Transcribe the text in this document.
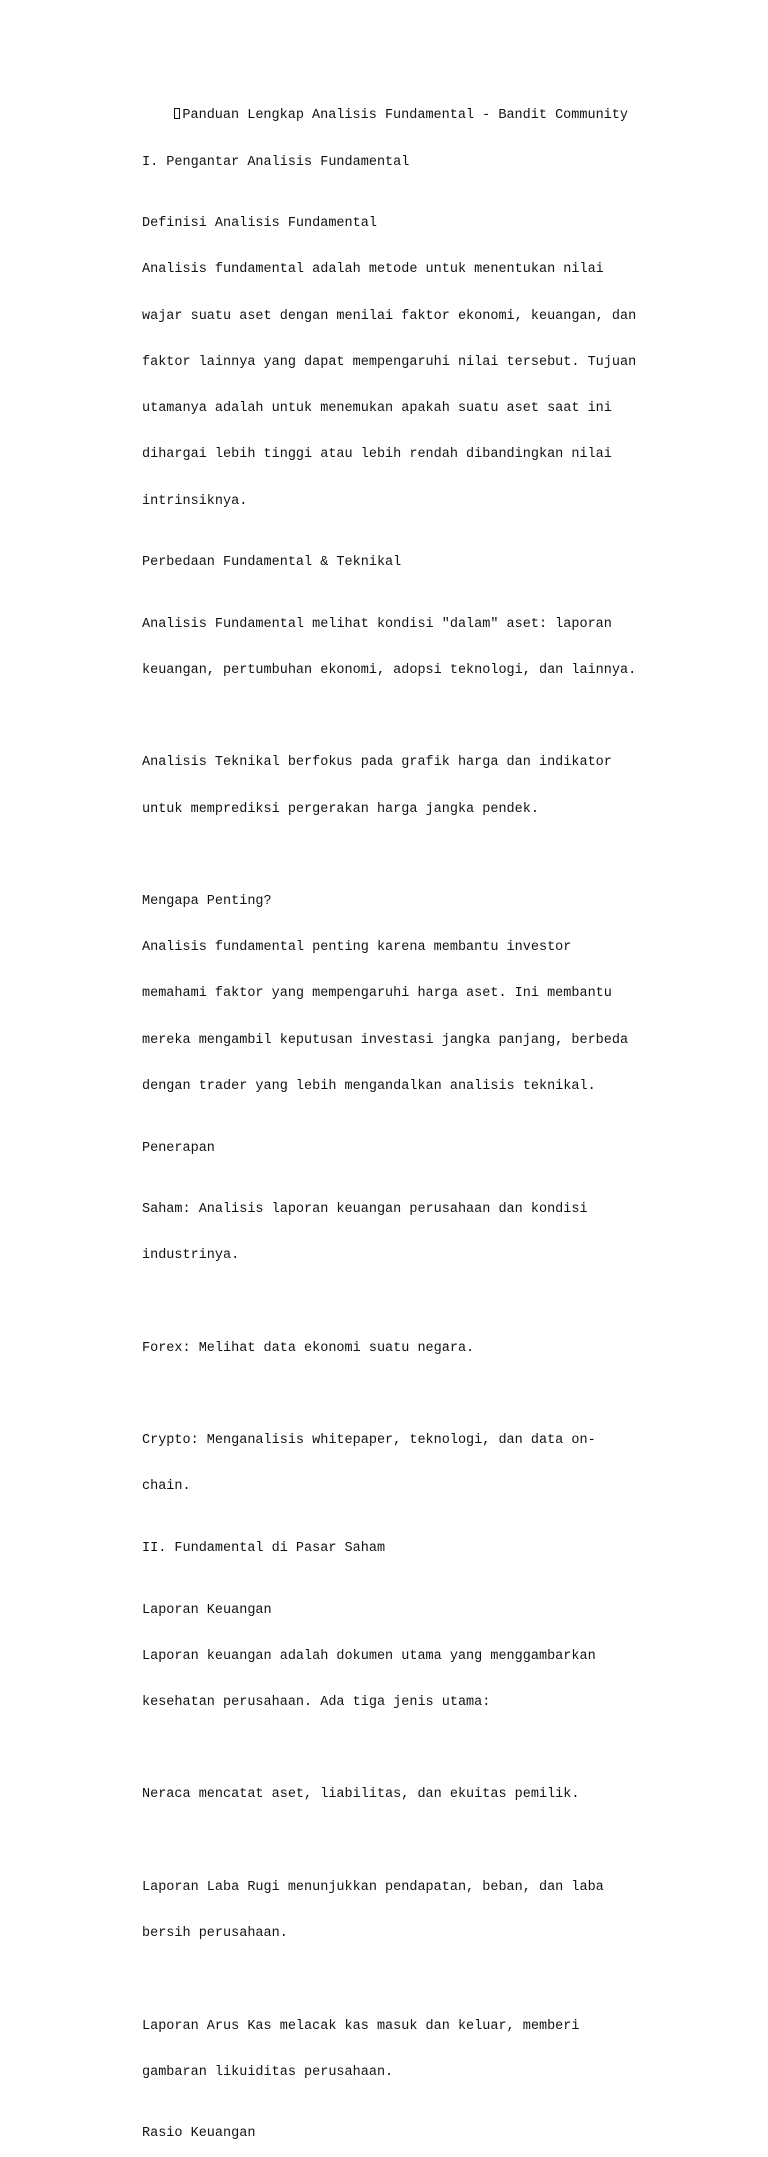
Panduan Lengkap Analisis Fundamental - Bandit Community

I. Pengantar Analisis Fundamental

Definisi Analisis Fundamental

Analisis fundamental adalah metode untuk menentukan nilai

wajar suatu aset dengan menilai faktor ekonomi, keuangan, dan

faktor lainnya yang dapat mempengaruhi nilai tersebut. Tujuan

utamanya adalah untuk menemukan apakah suatu aset saat ini

dihargai lebih tinggi atau lebih rendah dibandingkan nilai

intrinsiknya.

Perbedaan Fundamental & Teknikal

Analisis Fundamental melihat kondisi "dalam" aset: laporan

keuangan, pertumbuhan ekonomi, adopsi teknologi, dan lainnya.

Analisis Teknikal berfokus pada grafik harga dan indikator

untuk memprediksi pergerakan harga jangka pendek.

Mengapa Penting?

Analisis fundamental penting karena membantu investor

memahami faktor yang mempengaruhi harga aset. Ini membantu

mereka mengambil keputusan investasi jangka panjang, berbeda

dengan trader yang lebih mengandalkan analisis teknikal.

Penerapan

Saham: Analisis laporan keuangan perusahaan dan kondisi

industrinya.

Forex: Melihat data ekonomi suatu negara.

Crypto: Menganalisis whitepaper, teknologi, dan data on-

chain.

II. Fundamental di Pasar Saham

Laporan Keuangan

Laporan keuangan adalah dokumen utama yang menggambarkan

kesehatan perusahaan. Ada tiga jenis utama:

Neraca mencatat aset, liabilitas, dan ekuitas pemilik.

Laporan Laba Rugi menunjukkan pendapatan, beban, dan laba

bersih perusahaan.

Laporan Arus Kas melacak kas masuk dan keluar, memberi

gambaran likuiditas perusahaan.

Rasio Keuangan
